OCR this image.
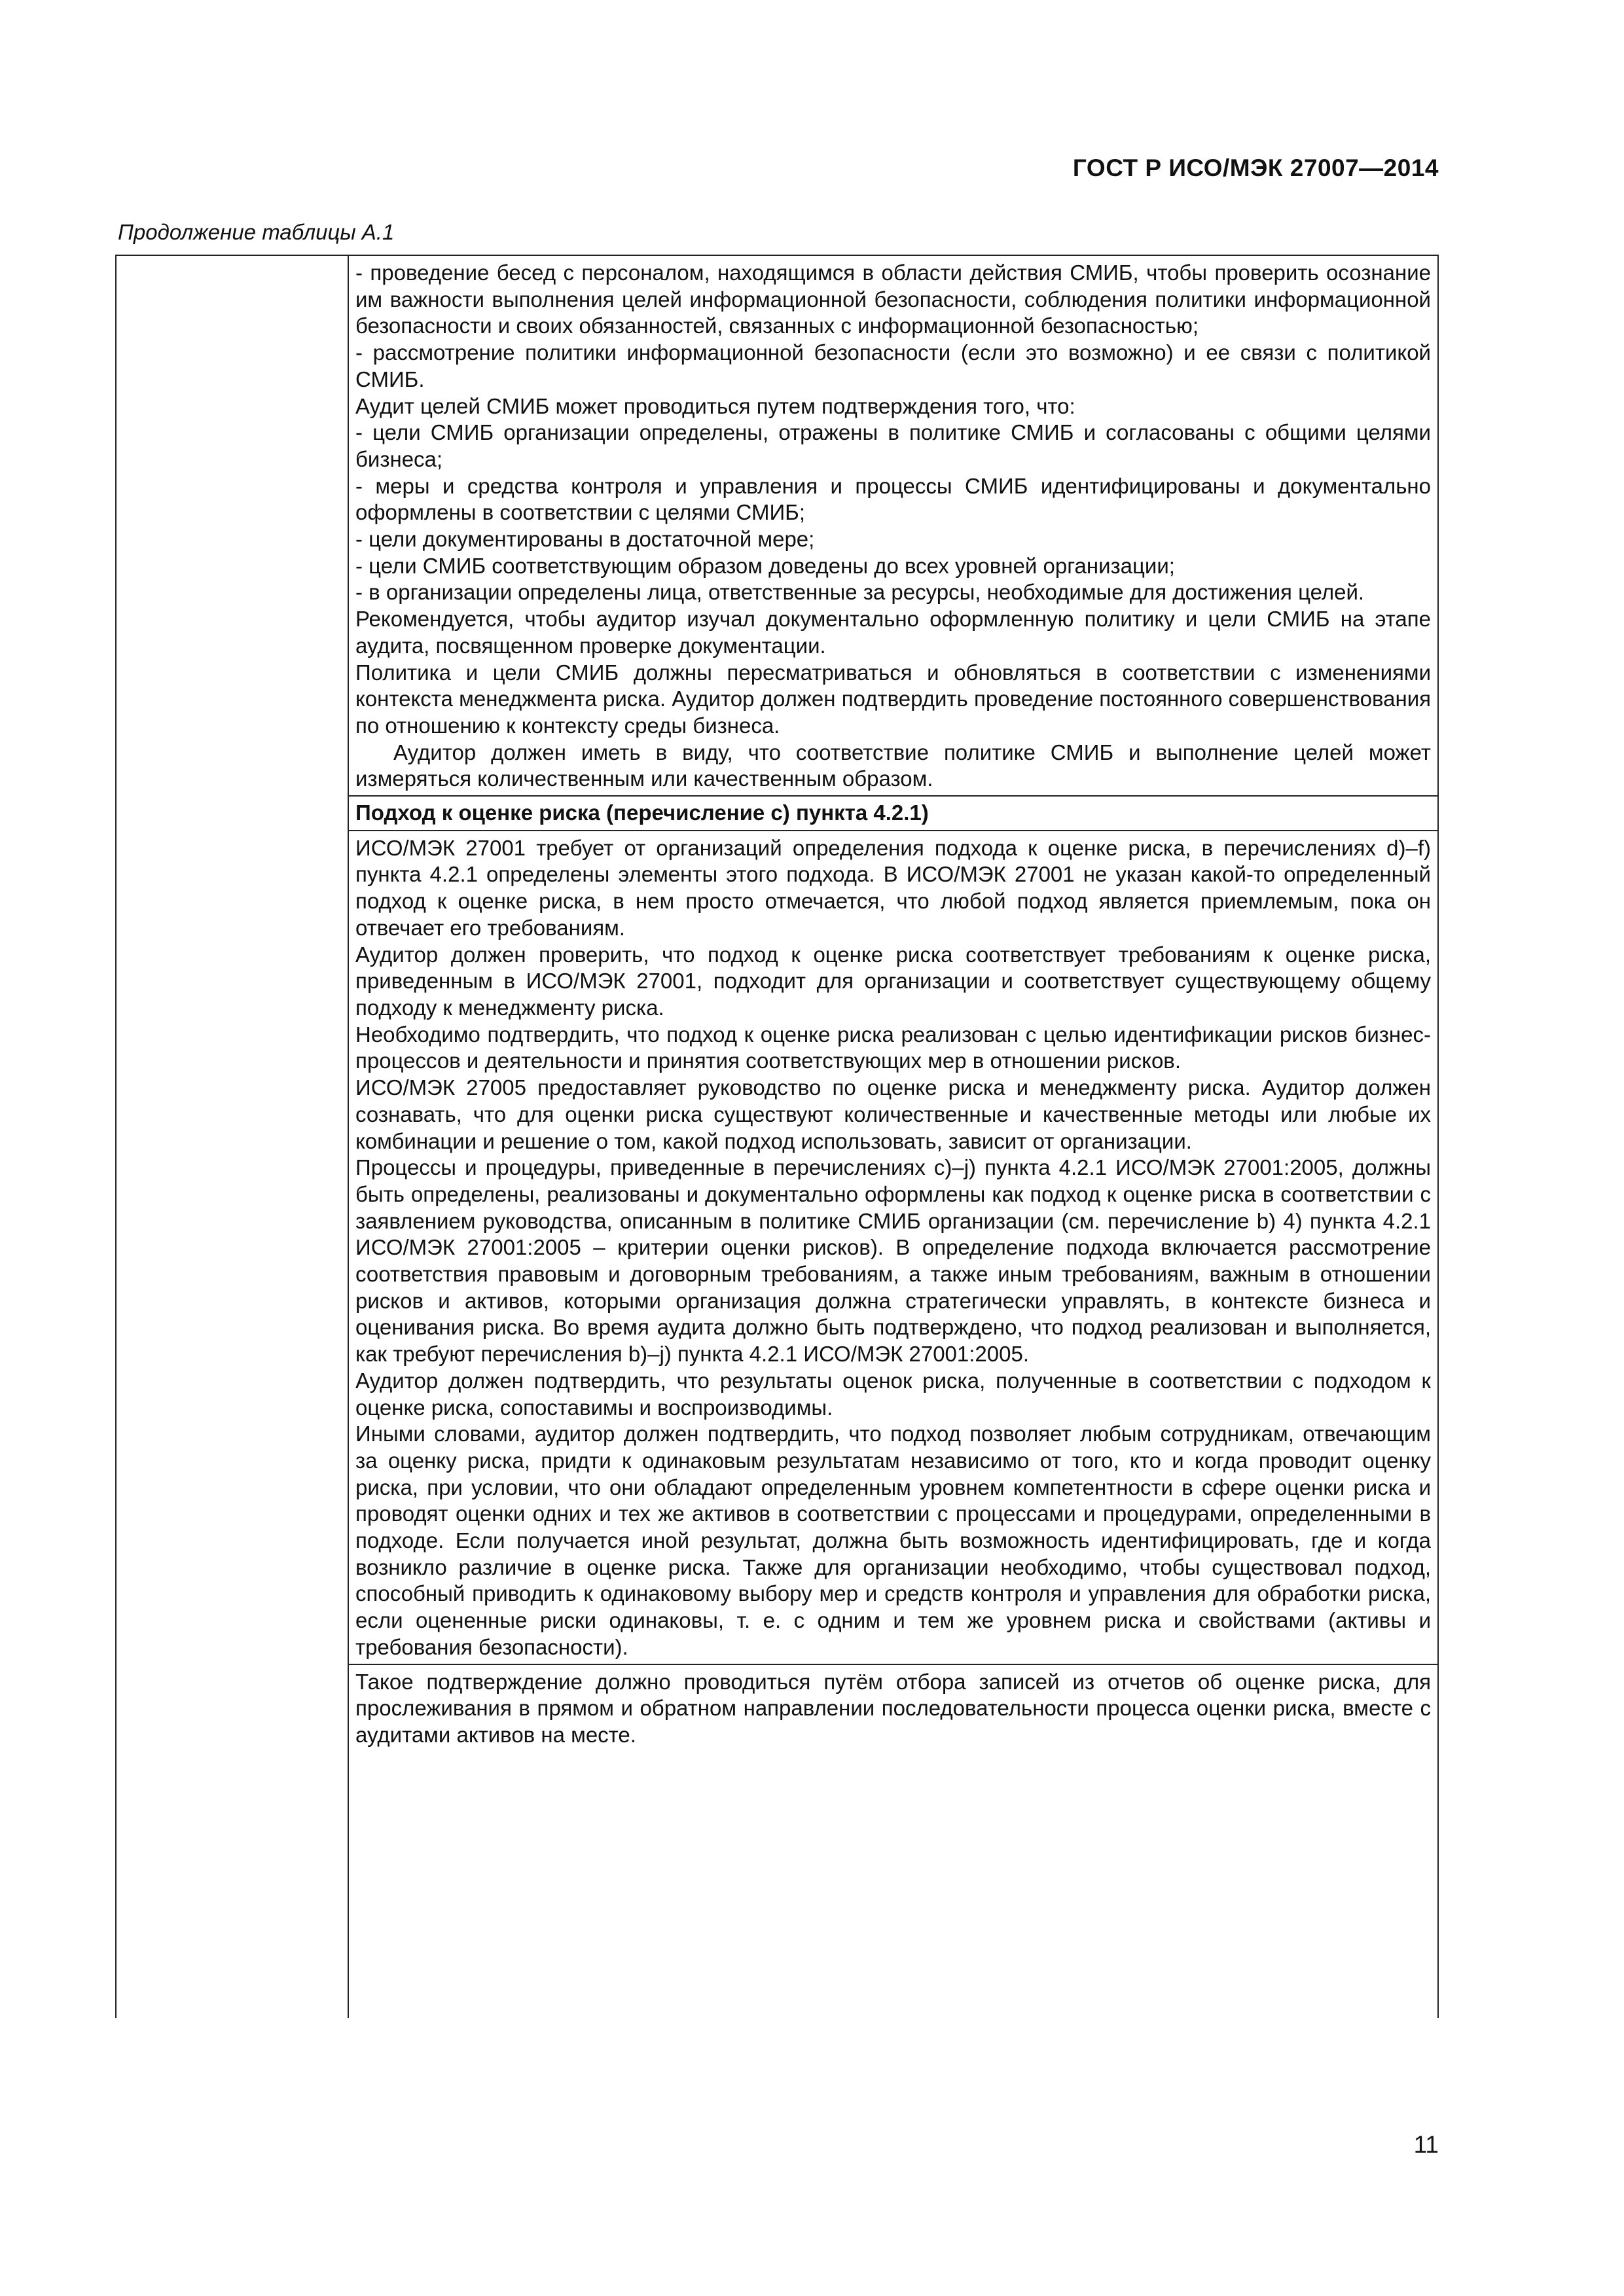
ГОСТ Р ИСО/МЭК 27007—2014
Продолжение таблицы А.1

- проведение бесед с персоналом, находящимся в области действия СМИБ, чтобы проверить осознание им важности выполнения целей информационной безопасности, соблюдения политики информационной безопасности и своих обязанностей, связанных с информационной безопасностью;

- рассмотрение политики информационной безопасности (если это возможно) и ее связи с политикой СМИБ.

Аудит целей СМИБ может проводиться путем подтверждения того, что:

- цели СМИБ организации определены, отражены в политике СМИБ и согласованы с общими целями бизнеса;

- меры и средства контроля и управления и процессы СМИБ идентифицированы и документально оформлены в соответствии с целями СМИБ;

- цели документированы в достаточной мере;

- цели СМИБ соответствующим образом доведены до всех уровней организации;

- в организации определены лица, ответственные за ресурсы, необходимые для достижения целей.

Рекомендуется, чтобы аудитор изучал документально оформленную политику и цели СМИБ на этапе аудита, посвященном проверке документации.

Политика и цели СМИБ должны пересматриваться и обновляться в соответствии с изменениями контекста менеджмента риска. Аудитор должен подтвердить проведение постоянного совершенствования по отношению к контексту среды бизнеса.

Аудитор должен иметь в виду, что соответствие политике СМИБ и выполнение целей может измеряться количественным или качественным образом.

Подход к оценке риска (перечисление с) пункта 4.2.1)

ИСО/МЭК 27001 требует от организаций определения подхода к оценке риска, в перечислениях d)–f) пункта 4.2.1 определены элементы этого подхода. В ИСО/МЭК 27001 не указан какой-то определенный подход к оценке риска, в нем просто отмечается, что любой подход является приемлемым, пока он отвечает его требованиям.

Аудитор должен проверить, что подход к оценке риска соответствует требованиям к оценке риска, приведенным в ИСО/МЭК 27001, подходит для организации и соответствует существующему общему подходу к менеджменту риска.

Необходимо подтвердить, что подход к оценке риска реализован с целью идентификации рисков бизнес-процессов и деятельности и принятия соответствующих мер в отношении рисков.

ИСО/МЭК 27005 предоставляет руководство по оценке риска и менеджменту риска. Аудитор должен сознавать, что для оценки риска существуют количественные и качественные методы или любые их комбинации и решение о том, какой подход использовать, зависит от организации.

Процессы и процедуры, приведенные в перечислениях с)–j) пункта 4.2.1 ИСО/МЭК 27001:2005, должны быть определены, реализованы и документально оформлены как подход к оценке риска в соответствии с заявлением руководства, описанным в политике СМИБ организации (см. перечисление b) 4) пункта 4.2.1 ИСО/МЭК 27001:2005 – критерии оценки рисков). В определение подхода включается рассмотрение соответствия правовым и договорным требованиям, а также иным требованиям, важным в отношении рисков и активов, которыми организация должна стратегически управлять, в контексте бизнеса и оценивания риска. Во время аудита должно быть подтверждено, что подход реализован и выполняется, как требуют перечисления b)–j) пункта 4.2.1 ИСО/МЭК 27001:2005.

Аудитор должен подтвердить, что результаты оценок риска, полученные в соответствии с подходом к оценке риска, сопоставимы и воспроизводимы.

Иными словами, аудитор должен подтвердить, что подход позволяет любым сотрудникам, отвечающим за оценку риска, придти к одинаковым результатам независимо от того, кто и когда проводит оценку риска, при условии, что они обладают определенным уровнем компетентности в сфере оценки риска и проводят оценки одних и тех же активов в соответствии с процессами и процедурами, определенными в подходе. Если получается иной результат, должна быть возможность идентифицировать, где и когда возникло различие в оценке риска. Также для организации необходимо, чтобы существовал подход, способный приводить к одинаковому выбору мер и средств контроля и управления для обработки риска, если оцененные риски одинаковы, т. е. с одним и тем же уровнем риска и свойствами (активы и требования безопасности).

Такое подтверждение должно проводиться путём отбора записей из отчетов об оценке риска, для прослеживания в прямом и обратном направлении последовательности процесса оценки риска, вместе с аудитами активов на месте.

11
